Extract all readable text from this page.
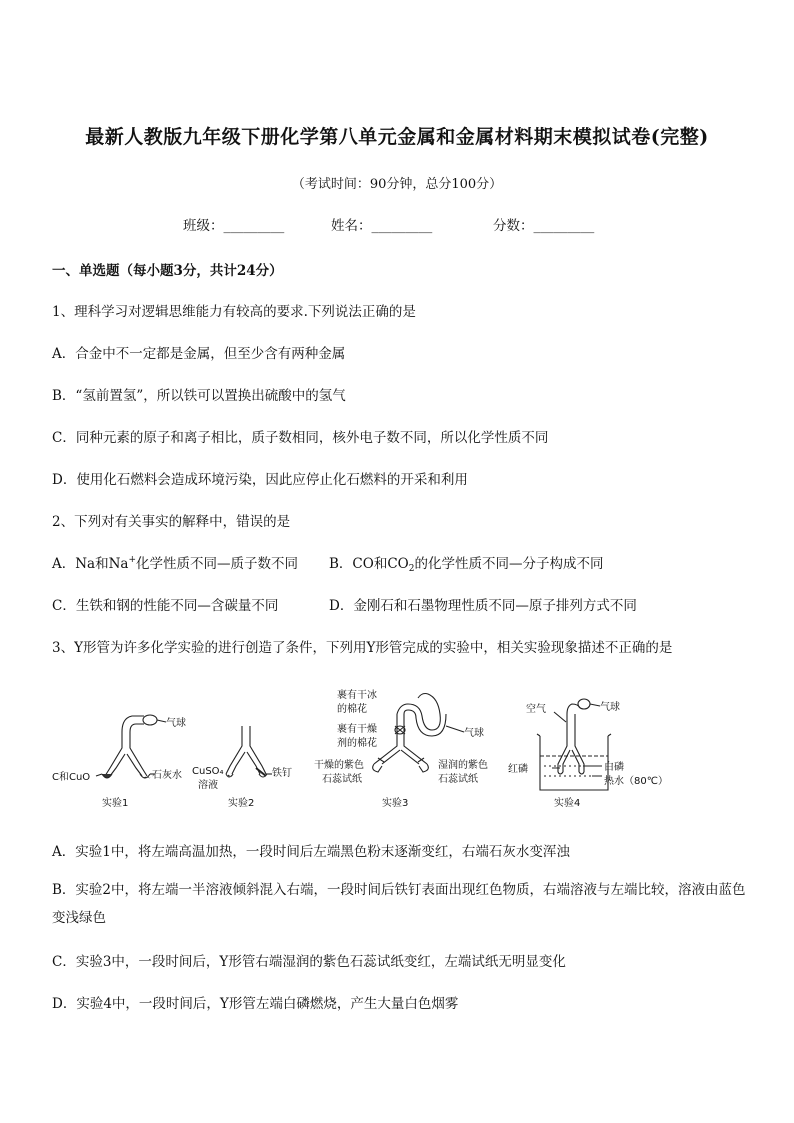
最新人教版九年级下册化学第八单元金属和金属材料期末模拟试卷(完整)
（考试时间：90分钟，总分100分）
班级：_________	姓名：_________	分数：_________
一、单选题（每小题3分，共计24分）
1、理科学习对逻辑思维能力有较高的要求.下列说法正确的是
A．合金中不一定都是金属，但至少含有两种金属
B．“氢前置氢”，所以铁可以置换出硫酸中的氢气
C．同种元素的原子和离子相比，质子数相同，核外电子数不同，所以化学性质不同
D．使用化石燃料会造成环境污染，因此应停止化石燃料的开采和利用
2、下列对有关事实的解释中，错误的是
A．Na和Na+化学性质不同—质子数不同 B．CO和$CO_2$的化学性质不同—分子构成不同
C．生铁和钢的性能不同—含碳量不同	D．金刚石和石墨物理性质不同—原子排列方式不同
3、Y形管为许多化学实验的进行创造了条件，下列用Y形管完成的实验中，相关实验现象描述不正确的是
气球
C和CuO	石灰水
实验1
CuSO₄
溶液
铁钉
实验2
裹有干冰
的棉花
裹有干燥
剂的棉花
干燥的紫色
石蕊试纸
湿润的紫色
石蕊试纸
气球
实验3
空气	气球
红磷	白磷
热水（80℃）
实验4
A．实验1中，将左端高温加热，一段时间后左端黑色粉末逐渐变红，右端石灰水变浑浊
B．实验2中，将左端一半溶液倾斜混入右端，一段时间后铁钉表面出现红色物质，右端溶液与左端比较，溶液由蓝色变浅绿色
C．实验3中，一段时间后，Y形管右端湿润的紫色石蕊试纸变红，左端试纸无明显变化
D．实验4中，一段时间后，Y形管左端白磷燃烧，产生大量白色烟雾
